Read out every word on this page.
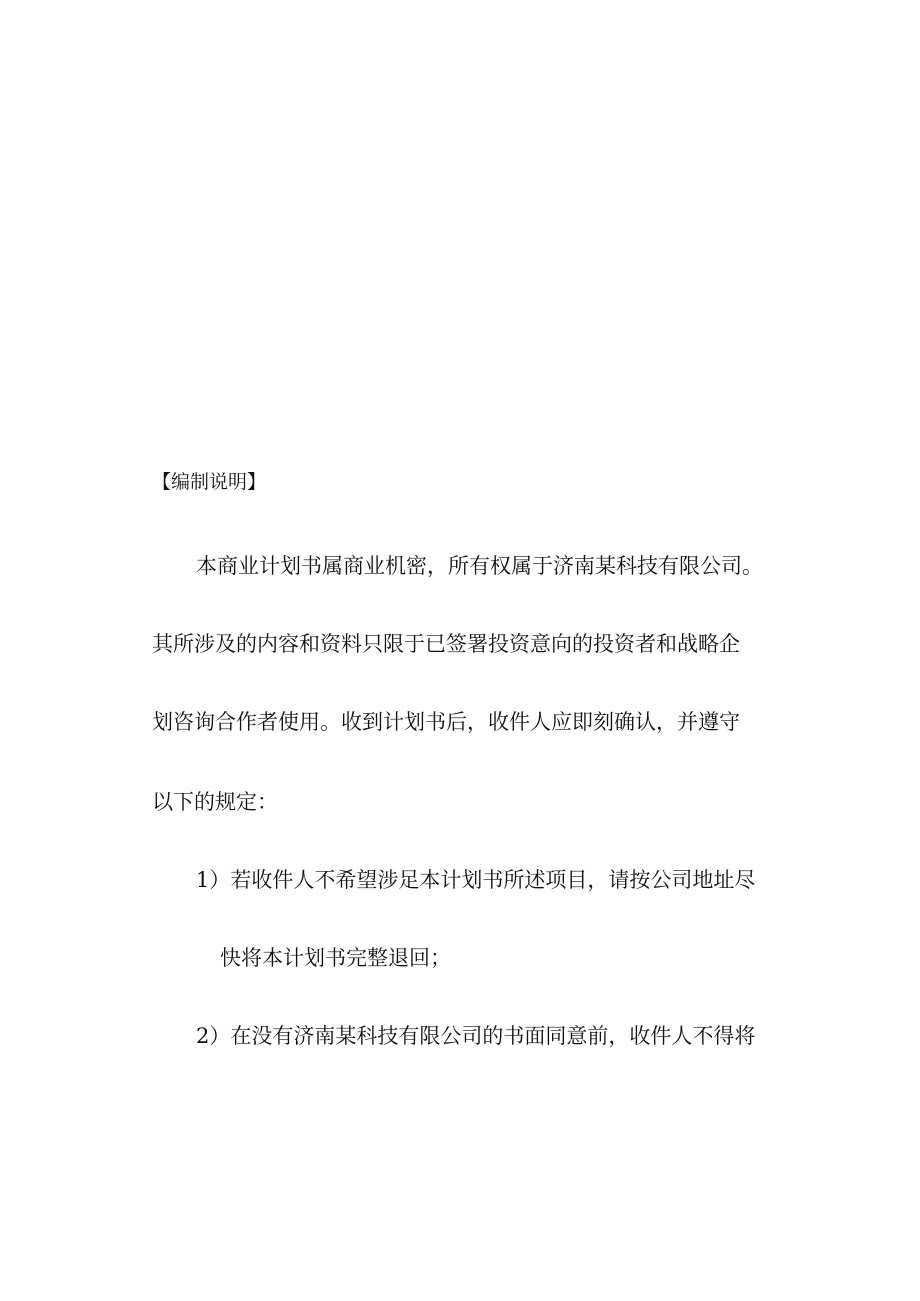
【编制说明】
本商业计划书属商业机密，所有权属于济南某科技有限公司。
其所涉及的内容和资料只限于已签署投资意向的投资者和战略企
划咨询合作者使用。收到计划书后，收件人应即刻确认，并遵守
以下的规定：
1）若收件人不希望涉足本计划书所述项目，请按公司地址尽
快将本计划书完整退回；
2）在没有济南某科技有限公司的书面同意前，收件人不得将
